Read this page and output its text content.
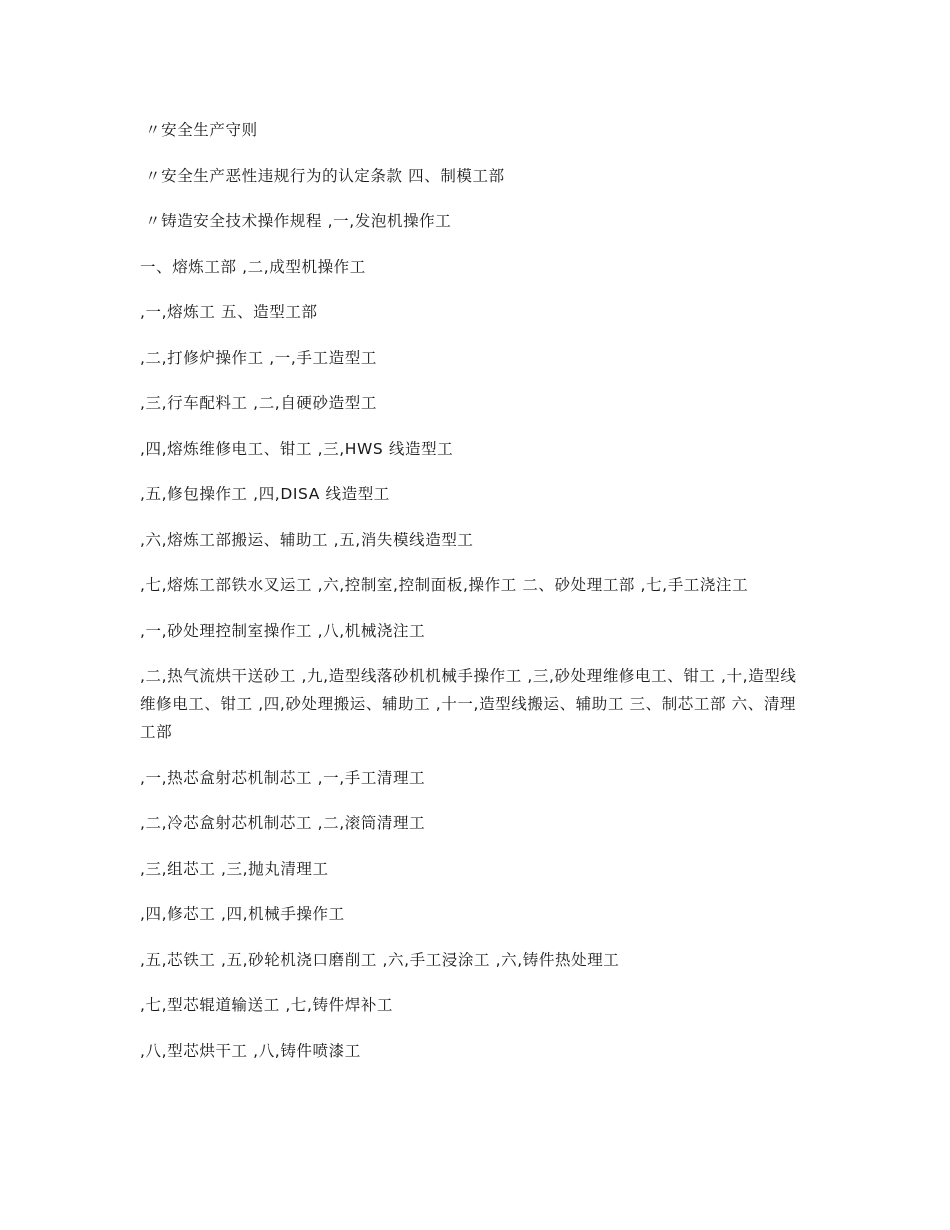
〃安全生产守则

〃安全生产恶性违规行为的认定条款 四、制模工部

〃铸造安全技术操作规程 ,一,发泡机操作工

一、熔炼工部 ,二,成型机操作工

,一,熔炼工 五、造型工部

,二,打修炉操作工 ,一,手工造型工

,三,行车配料工 ,二,自硬砂造型工

,四,熔炼维修电工、钳工 ,三,HWS 线造型工

,五,修包操作工 ,四,DISA 线造型工

,六,熔炼工部搬运、辅助工 ,五,消失模线造型工

,七,熔炼工部铁水叉运工 ,六,控制室,控制面板,操作工 二、砂处理工部 ,七,手工浇注工

,一,砂处理控制室操作工 ,八,机械浇注工

,二,热气流烘干送砂工 ,九,造型线落砂机机械手操作工 ,三,砂处理维修电工、钳工 ,十,造型线维修电工、钳工 ,四,砂处理搬运、辅助工 ,十一,造型线搬运、辅助工 三、制芯工部 六、清理工部

,一,热芯盒射芯机制芯工 ,一,手工清理工

,二,冷芯盒射芯机制芯工 ,二,滚筒清理工

,三,组芯工 ,三,抛丸清理工

,四,修芯工 ,四,机械手操作工

,五,芯铁工 ,五,砂轮机浇口磨削工 ,六,手工浸涂工 ,六,铸件热处理工

,七,型芯辊道输送工 ,七,铸件焊补工

,八,型芯烘干工 ,八,铸件喷漆工
